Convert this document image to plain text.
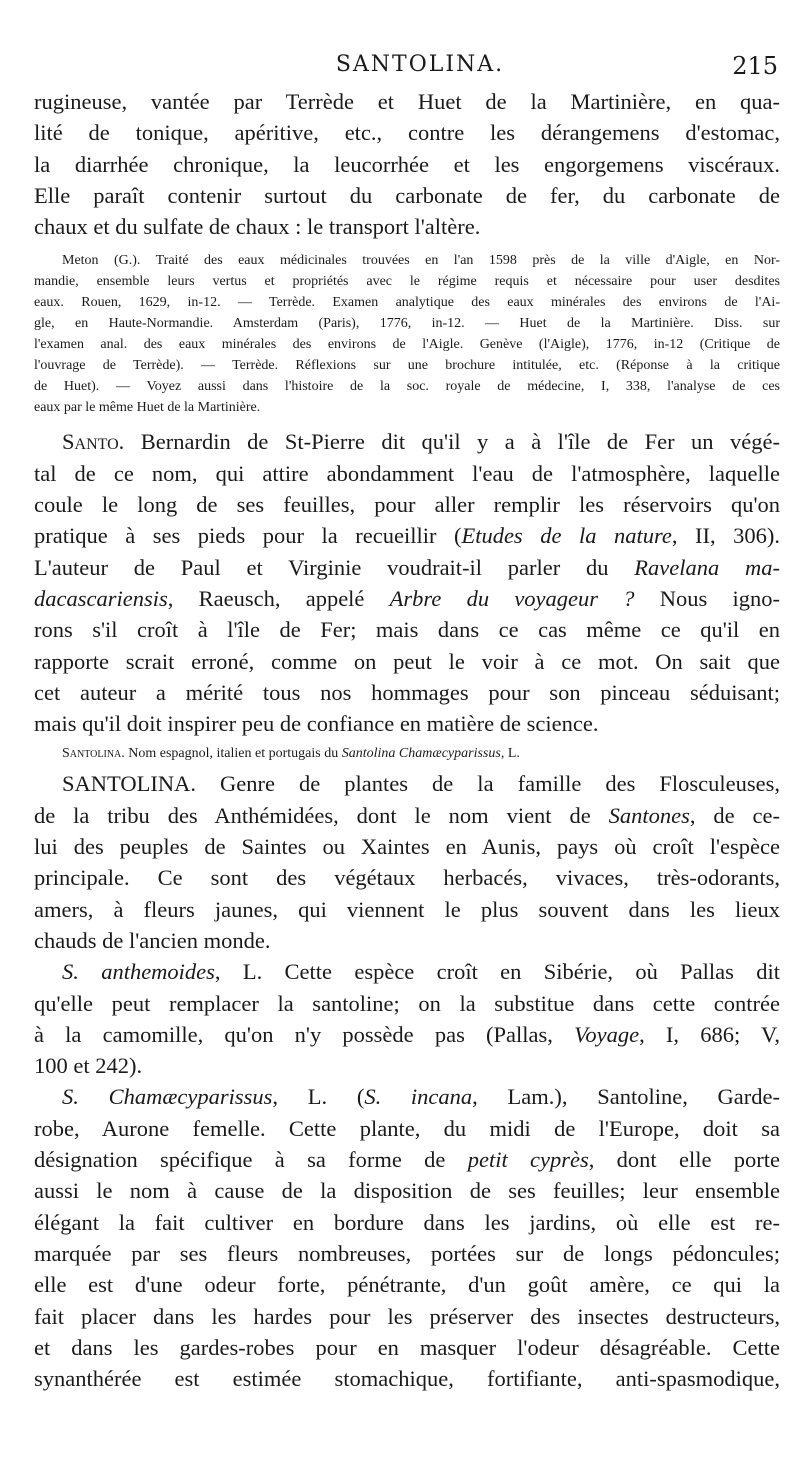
SANTOLINA.	215

rugineuse, vantée par Terrède et Huet de la Martinière, en qua-

lité de tonique, apéritive, etc., contre les dérangemens d'estomac,

la diarrhée chronique, la leucorrhée et les engorgemens viscéraux.

Elle paraît contenir surtout du carbonate de fer, du carbonate de

chaux et du sulfate de chaux : le transport l'altère.

Meton (G.). Traité des eaux médicinales trouvées en l'an 1598 près de la ville d'Aigle, en Nor-

mandie, ensemble leurs vertus et propriétés avec le régime requis et nécessaire pour user desdites

eaux. Rouen, 1629, in-12. — Terrède. Examen analytique des eaux minérales des environs de l'Ai-

gle, en Haute-Normandie. Amsterdam (Paris), 1776, in-12. — Huet de la Martinière. Diss. sur

l'examen anal. des eaux minérales des environs de l'Aigle. Genève (l'Aigle), 1776, in-12 (Critique de

l'ouvrage de Terrède). — Terrède. Réflexions sur une brochure intitulée, etc. (Réponse à la critique

de Huet). — Voyez aussi dans l'histoire de la soc. royale de médecine, I, 338, l'analyse de ces

eaux par le même Huet de la Martinière.

Santo. Bernardin de St-Pierre dit qu'il y a à l'île de Fer un végé-

tal de ce nom, qui attire abondamment l'eau de l'atmosphère, laquelle

coule le long de ses feuilles, pour aller remplir les réservoirs qu'on

pratique à ses pieds pour la recueillir (Etudes de la nature, II, 306).

L'auteur de Paul et Virginie voudrait-il parler du Ravelana ma-

dacascariensis, Raeusch, appelé Arbre du voyageur ? Nous igno-

rons s'il croît à l'île de Fer; mais dans ce cas même ce qu'il en

rapporte scrait erroné, comme on peut le voir à ce mot. On sait que

cet auteur a mérité tous nos hommages pour son pinceau séduisant;

mais qu'il doit inspirer peu de confiance en matière de science.

Santolina. Nom espagnol, italien et portugais du Santolina Chamæcyparissus, L.

SANTOLINA. Genre de plantes de la famille des Flosculeuses,

de la tribu des Anthémidées, dont le nom vient de Santones, de ce-

lui des peuples de Saintes ou Xaintes en Aunis, pays où croît l'espèce

principale. Ce sont des végétaux herbacés, vivaces, très-odorants,

amers, à fleurs jaunes, qui viennent le plus souvent dans les lieux

chauds de l'ancien monde.

S. anthemoides, L. Cette espèce croît en Sibérie, où Pallas dit

qu'elle peut remplacer la santoline; on la substitue dans cette contrée

à la camomille, qu'on n'y possède pas (Pallas, Voyage, I, 686; V,

100 et 242).

S. Chamæcyparissus, L. (S. incana, Lam.), Santoline, Garde-

robe, Aurone femelle. Cette plante, du midi de l'Europe, doit sa

désignation spécifique à sa forme de petit cyprès, dont elle porte

aussi le nom à cause de la disposition de ses feuilles; leur ensemble

élégant la fait cultiver en bordure dans les jardins, où elle est re-

marquée par ses fleurs nombreuses, portées sur de longs pédoncules;

elle est d'une odeur forte, pénétrante, d'un goût amère, ce qui la

fait placer dans les hardes pour les préserver des insectes destructeurs,

et dans les gardes-robes pour en masquer l'odeur désagréable. Cette

synanthérée est estimée stomachique, fortifiante, anti-spasmodique,
